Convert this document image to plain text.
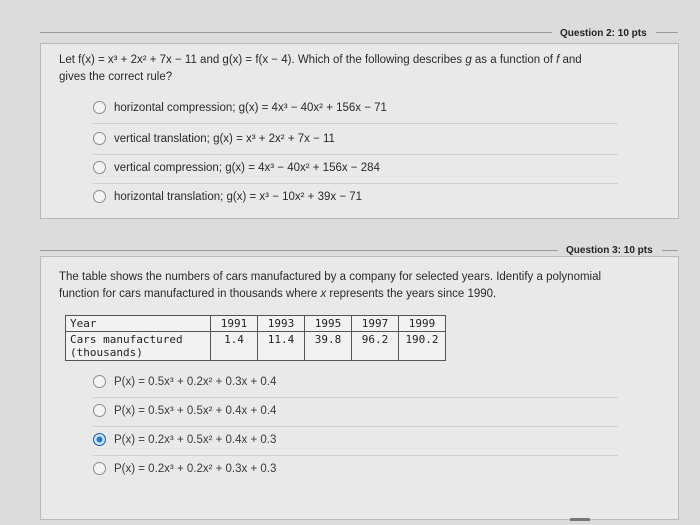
Question 2: 10 pts
Let f(x) = x³ + 2x² + 7x − 11 and g(x) = f(x − 4). Which of the following describes g as a function of f and
gives the correct rule?
horizontal compression; g(x) = 4x³ − 40x² + 156x − 71
vertical translation; g(x) = x³ + 2x² + 7x − 11
vertical compression; g(x) = 4x³ − 40x² + 156x − 284
horizontal translation; g(x) = x³ − 10x² + 39x − 71
Question 3: 10 pts
The table shows the numbers of cars manufactured by a company for selected years. Identify a polynomial
function for cars manufactured in thousands where x represents the years since 1990.
Year	1991	1993	1995	1997	1999
Cars manufactured
(thousands)	1.4	11.4	39.8	96.2	190.2
P(x) = 0.5x³ + 0.2x² + 0.3x + 0.4
P(x) = 0.5x³ + 0.5x² + 0.4x + 0.4
P(x) = 0.2x³ + 0.5x² + 0.4x + 0.3
P(x) = 0.2x³ + 0.2x² + 0.3x + 0.3
